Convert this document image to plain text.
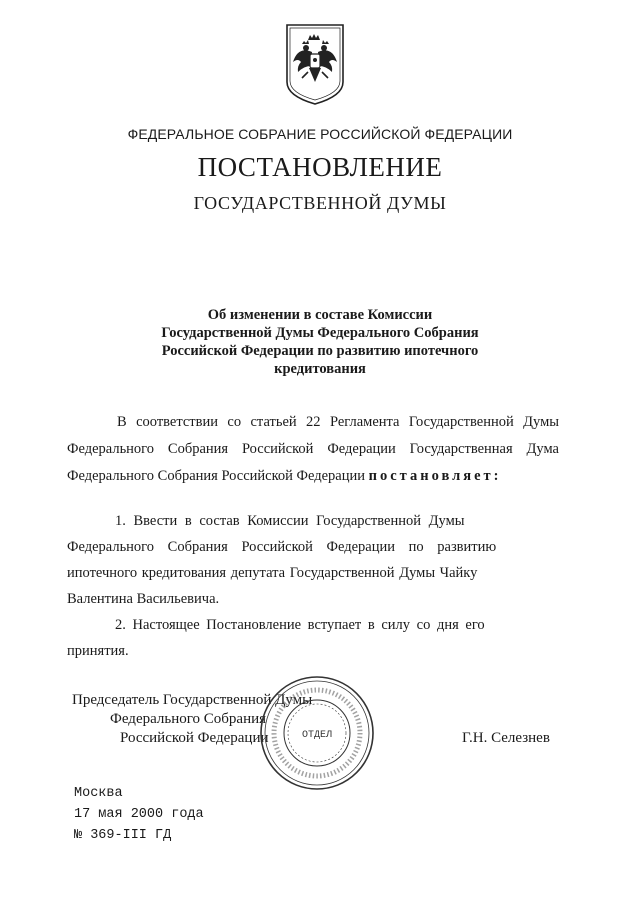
ФЕДЕРАЛЬНОЕ СОБРАНИЕ РОССИЙСКОЙ ФЕДЕРАЦИИ
ПОСТАНОВЛЕНИЕ
ГОСУДАРСТВЕННОЙ ДУМЫ
Об изменении в составе Комиссии
Государственной Думы Федерального Собрания
Российской Федерации по развитию ипотечного
кредитования
В соответствии со статьей 22 Регламента Государственной Думы
Федерального Собрания Российской Федерации Государственная Дума
Федерального Собрания Российской Федерации постановляет:
1. Ввести в состав Комиссии Государственной Думы
Федерального Собрания Российской Федерации по развитию
ипотечного кредитования депутата Государственной Думы Чайку
Валентина Васильевича.
2. Настоящее Постановление вступает в силу со дня его
принятия.
Председатель Государственной Думы
Федерального Собрания
Российской Федерации	ОТДЕЛ	Г.Н. Селезнев
Москва
17 мая 2000 года
№ 369-III ГД
